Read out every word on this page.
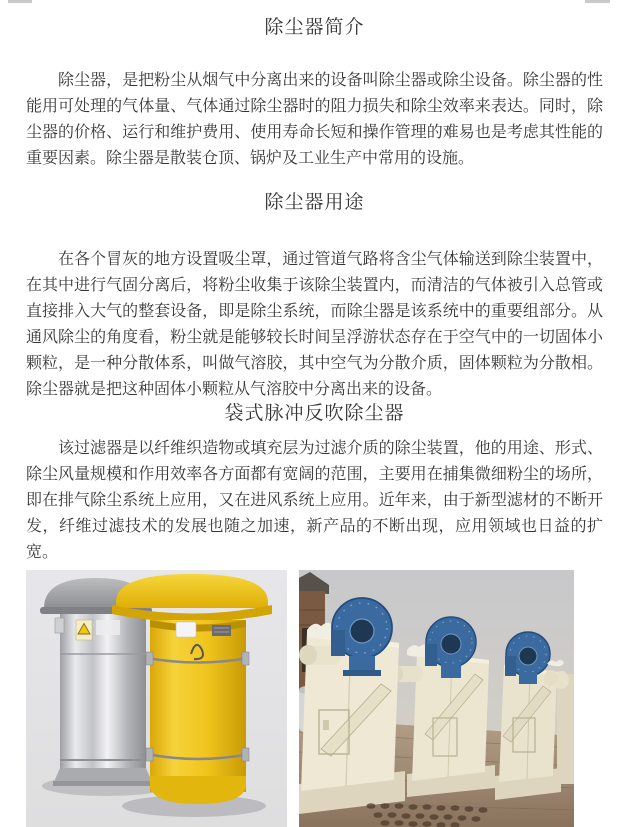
除尘器简介

除尘器，是把粉尘从烟气中分离出来的设备叫除尘器或除尘设备。除尘器的性能用可处理的气体量、气体通过除尘器时的阻力损失和除尘效率来表达。同时，除尘器的价格、运行和维护费用、使用寿命长短和操作管理的难易也是考虑其性能的重要因素。除尘器是散装仓顶、锅炉及工业生产中常用的设施。

除尘器用途

在各个冒灰的地方设置吸尘罩，通过管道气路将含尘气体输送到除尘装置中，在其中进行气固分离后，将粉尘收集于该除尘装置内，而清洁的气体被引入总管或直接排入大气的整套设备，即是除尘系统，而除尘器是该系统中的重要组部分。从通风除尘的角度看，粉尘就是能够较长时间呈浮游状态存在于空气中的一切固体小颗粒，是一种分散体系，叫做气溶胶，其中空气为分散介质，固体颗粒为分散相。除尘器就是把这种固体小颗粒从气溶胶中分离出来的设备。

袋式脉冲反吹除尘器

该过滤器是以纤维织造物或填充层为过滤介质的除尘装置，他的用途、形式、除尘风量规模和作用效率各方面都有宽阔的范围，主要用在捕集微细粉尘的场所，即在排气除尘系统上应用，又在进风系统上应用。近年来，由于新型滤材的不断开发，纤维过滤技术的发展也随之加速，新产品的不断出现，应用领域也日益的扩宽。
